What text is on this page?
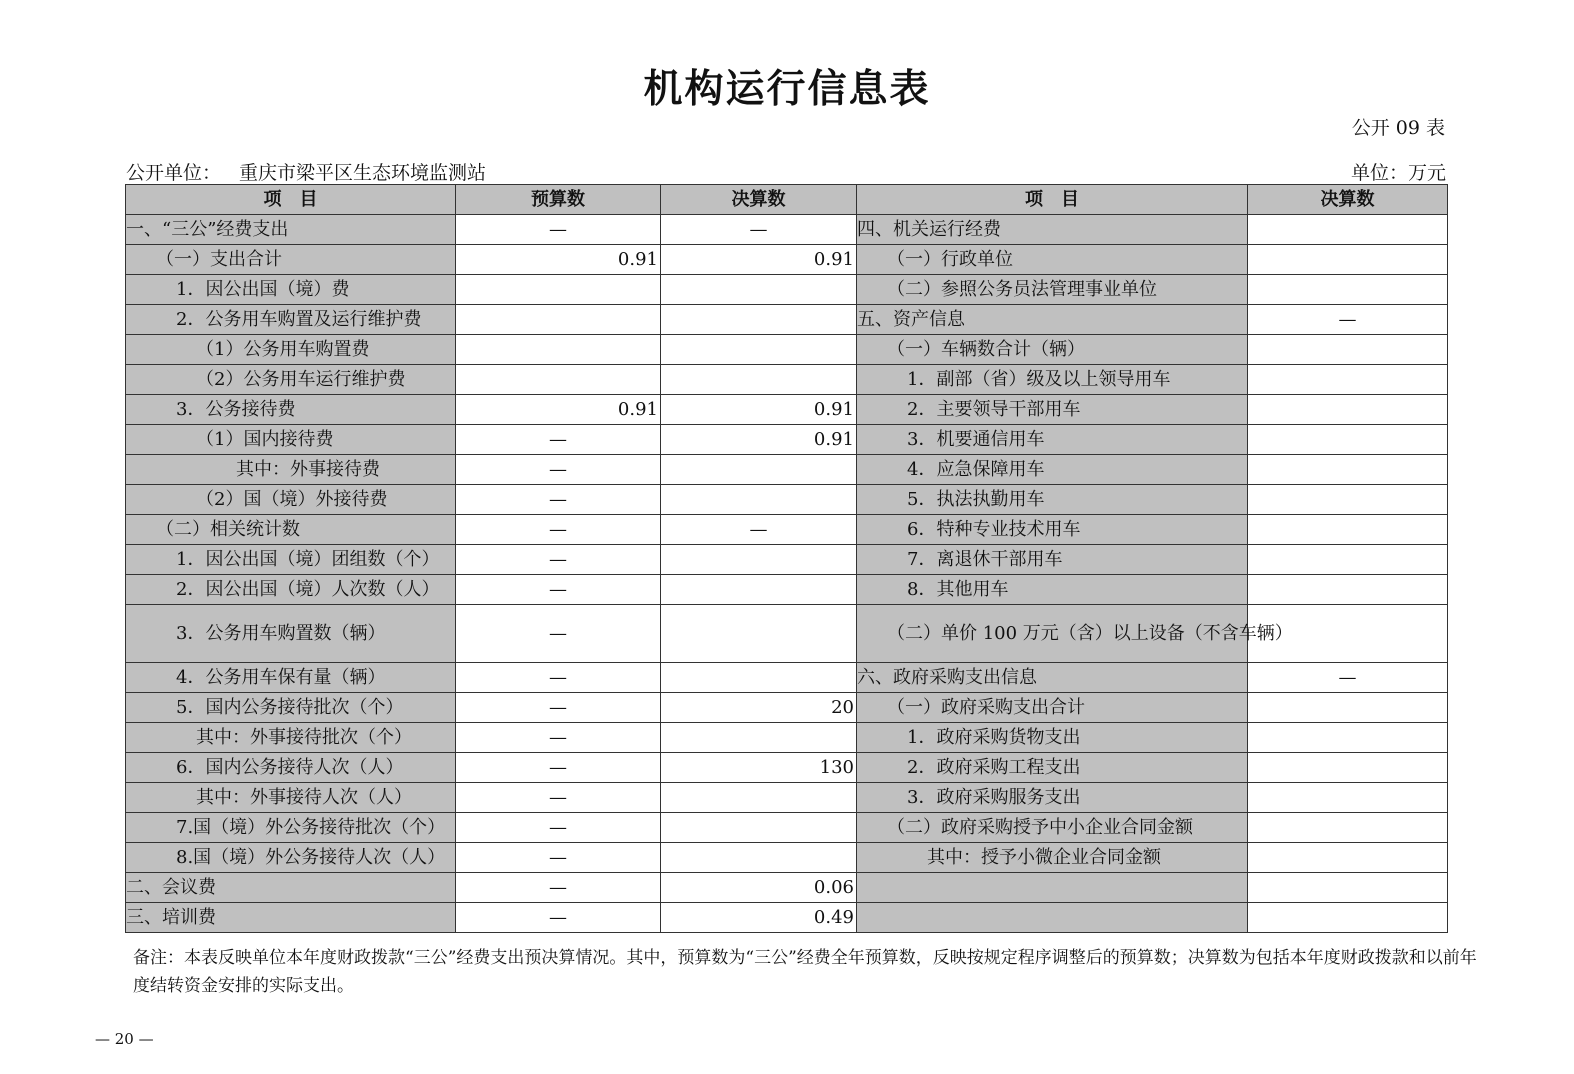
机构运行信息表
公开 09 表
公开单位： 重庆市梁平区生态环境监测站	单位：万元
项　目	预算数	决算数	项　目	决算数
一、“三公”经费支出	—	—	四、机关运行经费	
（一）支出合计	0.91	0.91	（一）行政单位	
1．因公出国（境）费			（二）参照公务员法管理事业单位	
2．公务用车购置及运行维护费			五、资产信息	—
（1）公务用车购置费			（一）车辆数合计（辆）	
（2）公务用车运行维护费			1．副部（省）级及以上领导用车	
3．公务接待费	0.91	0.91	2．主要领导干部用车	
（1）国内接待费	—	0.91	3．机要通信用车	
其中：外事接待费	—		4．应急保障用车	
（2）国（境）外接待费	—		5．执法执勤用车	
（二）相关统计数	—	—	6．特种专业技术用车	
1．因公出国（境）团组数（个）	—		7．离退休干部用车	
2．因公出国（境）人次数（人）	—		8．其他用车	
3．公务用车购置数（辆）	—		（二）单价 100 万元（含）以上设备（不含车辆）	
4．公务用车保有量（辆）	—		六、政府采购支出信息	—
5．国内公务接待批次（个）	—	20	（一）政府采购支出合计	
其中：外事接待批次（个）	—		1．政府采购货物支出	
6．国内公务接待人次（人）	—	130	2．政府采购工程支出	
其中：外事接待人次（人）	—		3．政府采购服务支出	
7.国（境）外公务接待批次（个）	—		（二）政府采购授予中小企业合同金额	
8.国（境）外公务接待人次（人）	—		其中：授予小微企业合同金额	
二、会议费	—	0.06		
三、培训费	—	0.49		
备注：本表反映单位本年度财政拨款“三公”经费支出预决算情况。其中，预算数为“三公”经费全年预算数，反映按规定程序调整后的预算数；决算数为包括本年度财政拨款和以前年度结转资金安排的实际支出。
— 20 —
